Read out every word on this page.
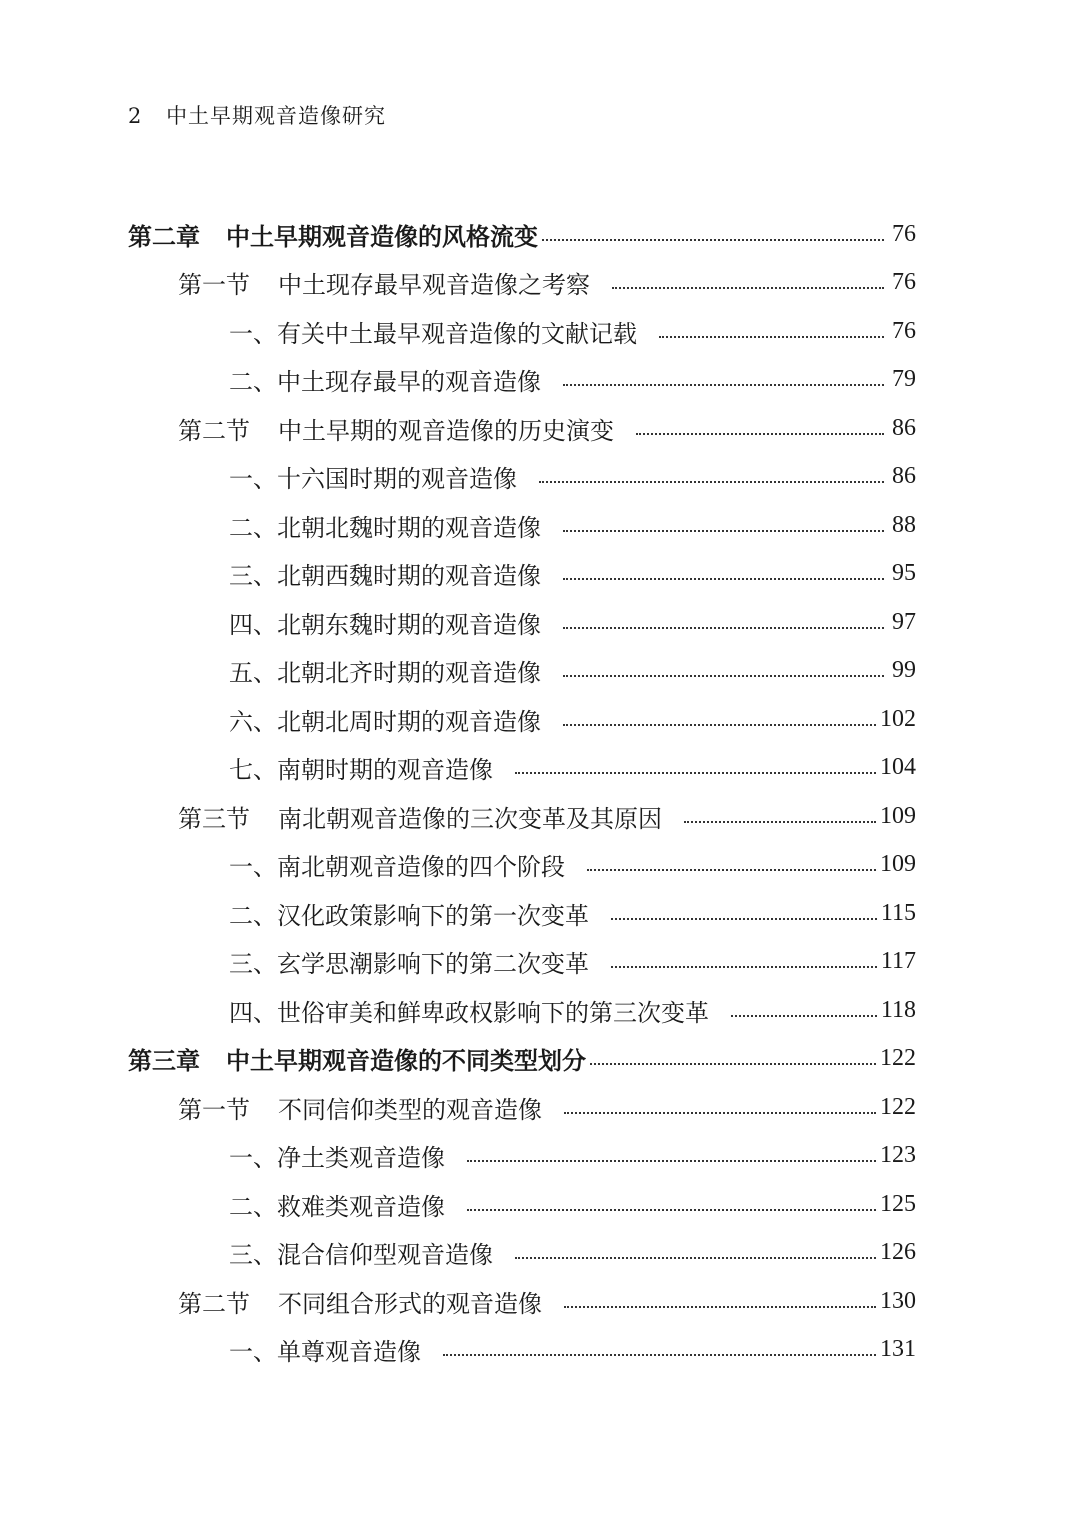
2 中土早期观音造像研究
第二章	中土早期观音造像的风格流变	76
第一节	中土现存最早观音造像之考察	76
一、有关中土最早观音造像的文献记载	76
二、中土现存最早的观音造像	79
第二节	中土早期的观音造像的历史演变	86
一、十六国时期的观音造像	86
二、北朝北魏时期的观音造像	88
三、北朝西魏时期的观音造像	95
四、北朝东魏时期的观音造像	97
五、北朝北齐时期的观音造像	99
六、北朝北周时期的观音造像	102
七、南朝时期的观音造像	104
第三节	南北朝观音造像的三次变革及其原因	109
一、南北朝观音造像的四个阶段	109
二、汉化政策影响下的第一次变革	115
三、玄学思潮影响下的第二次变革	117
四、世俗审美和鲜卑政权影响下的第三次变革	118
第三章	中土早期观音造像的不同类型划分	122
第一节	不同信仰类型的观音造像	122
一、净土类观音造像	123
二、救难类观音造像	125
三、混合信仰型观音造像	126
第二节	不同组合形式的观音造像	130
一、单尊观音造像	131
